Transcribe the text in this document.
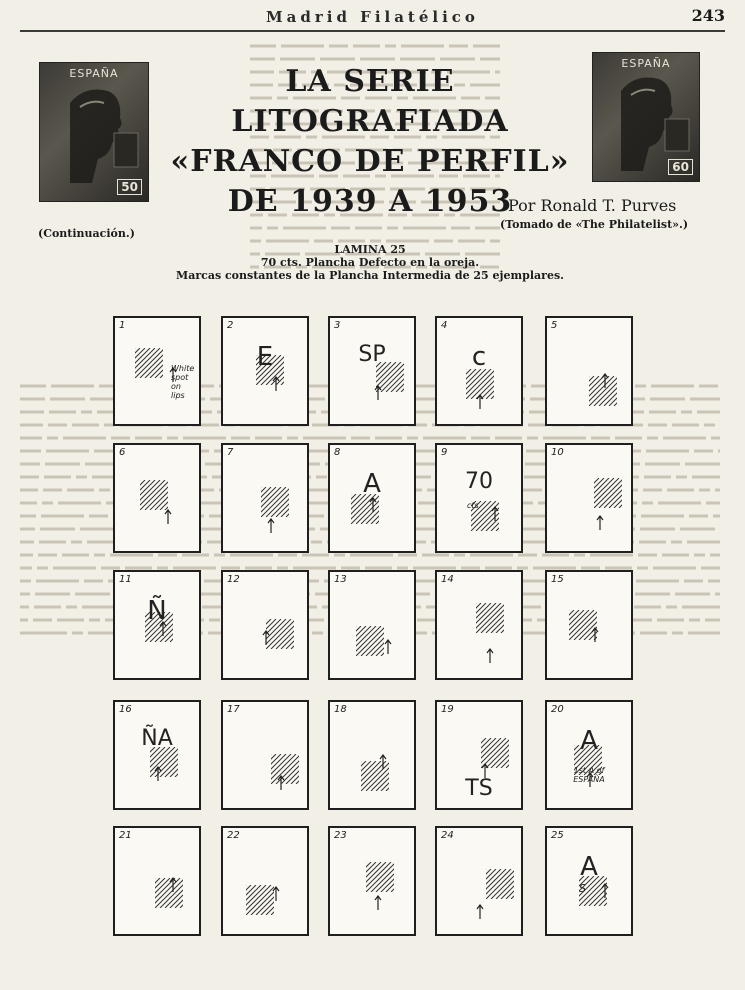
Madrid Filatélico	243
ESPAÑA
50
ESPAÑA
60
LA SERIE LITOGRAFIADA
«FRANCO DE PERFIL»
DE 1939 A 1953
Por Ronald T. Purves
(Tomado de «The Philatelist».)
(Continuación.)
LAMINA 25
70 cts. Plancha Defecto en la oreja.
Marcas constantes de la Plancha Intermedia de 25 ejemplares.
1
White spot on lips
2
E
3
SP
4
c
5
6	7	8
A
9
70
cts
10
11
Ñ
12	13	14	15
16
ÑA
17	18	19
TS
20
A
1st A of ESPAÑA
21	22	23	24	25
A
S
